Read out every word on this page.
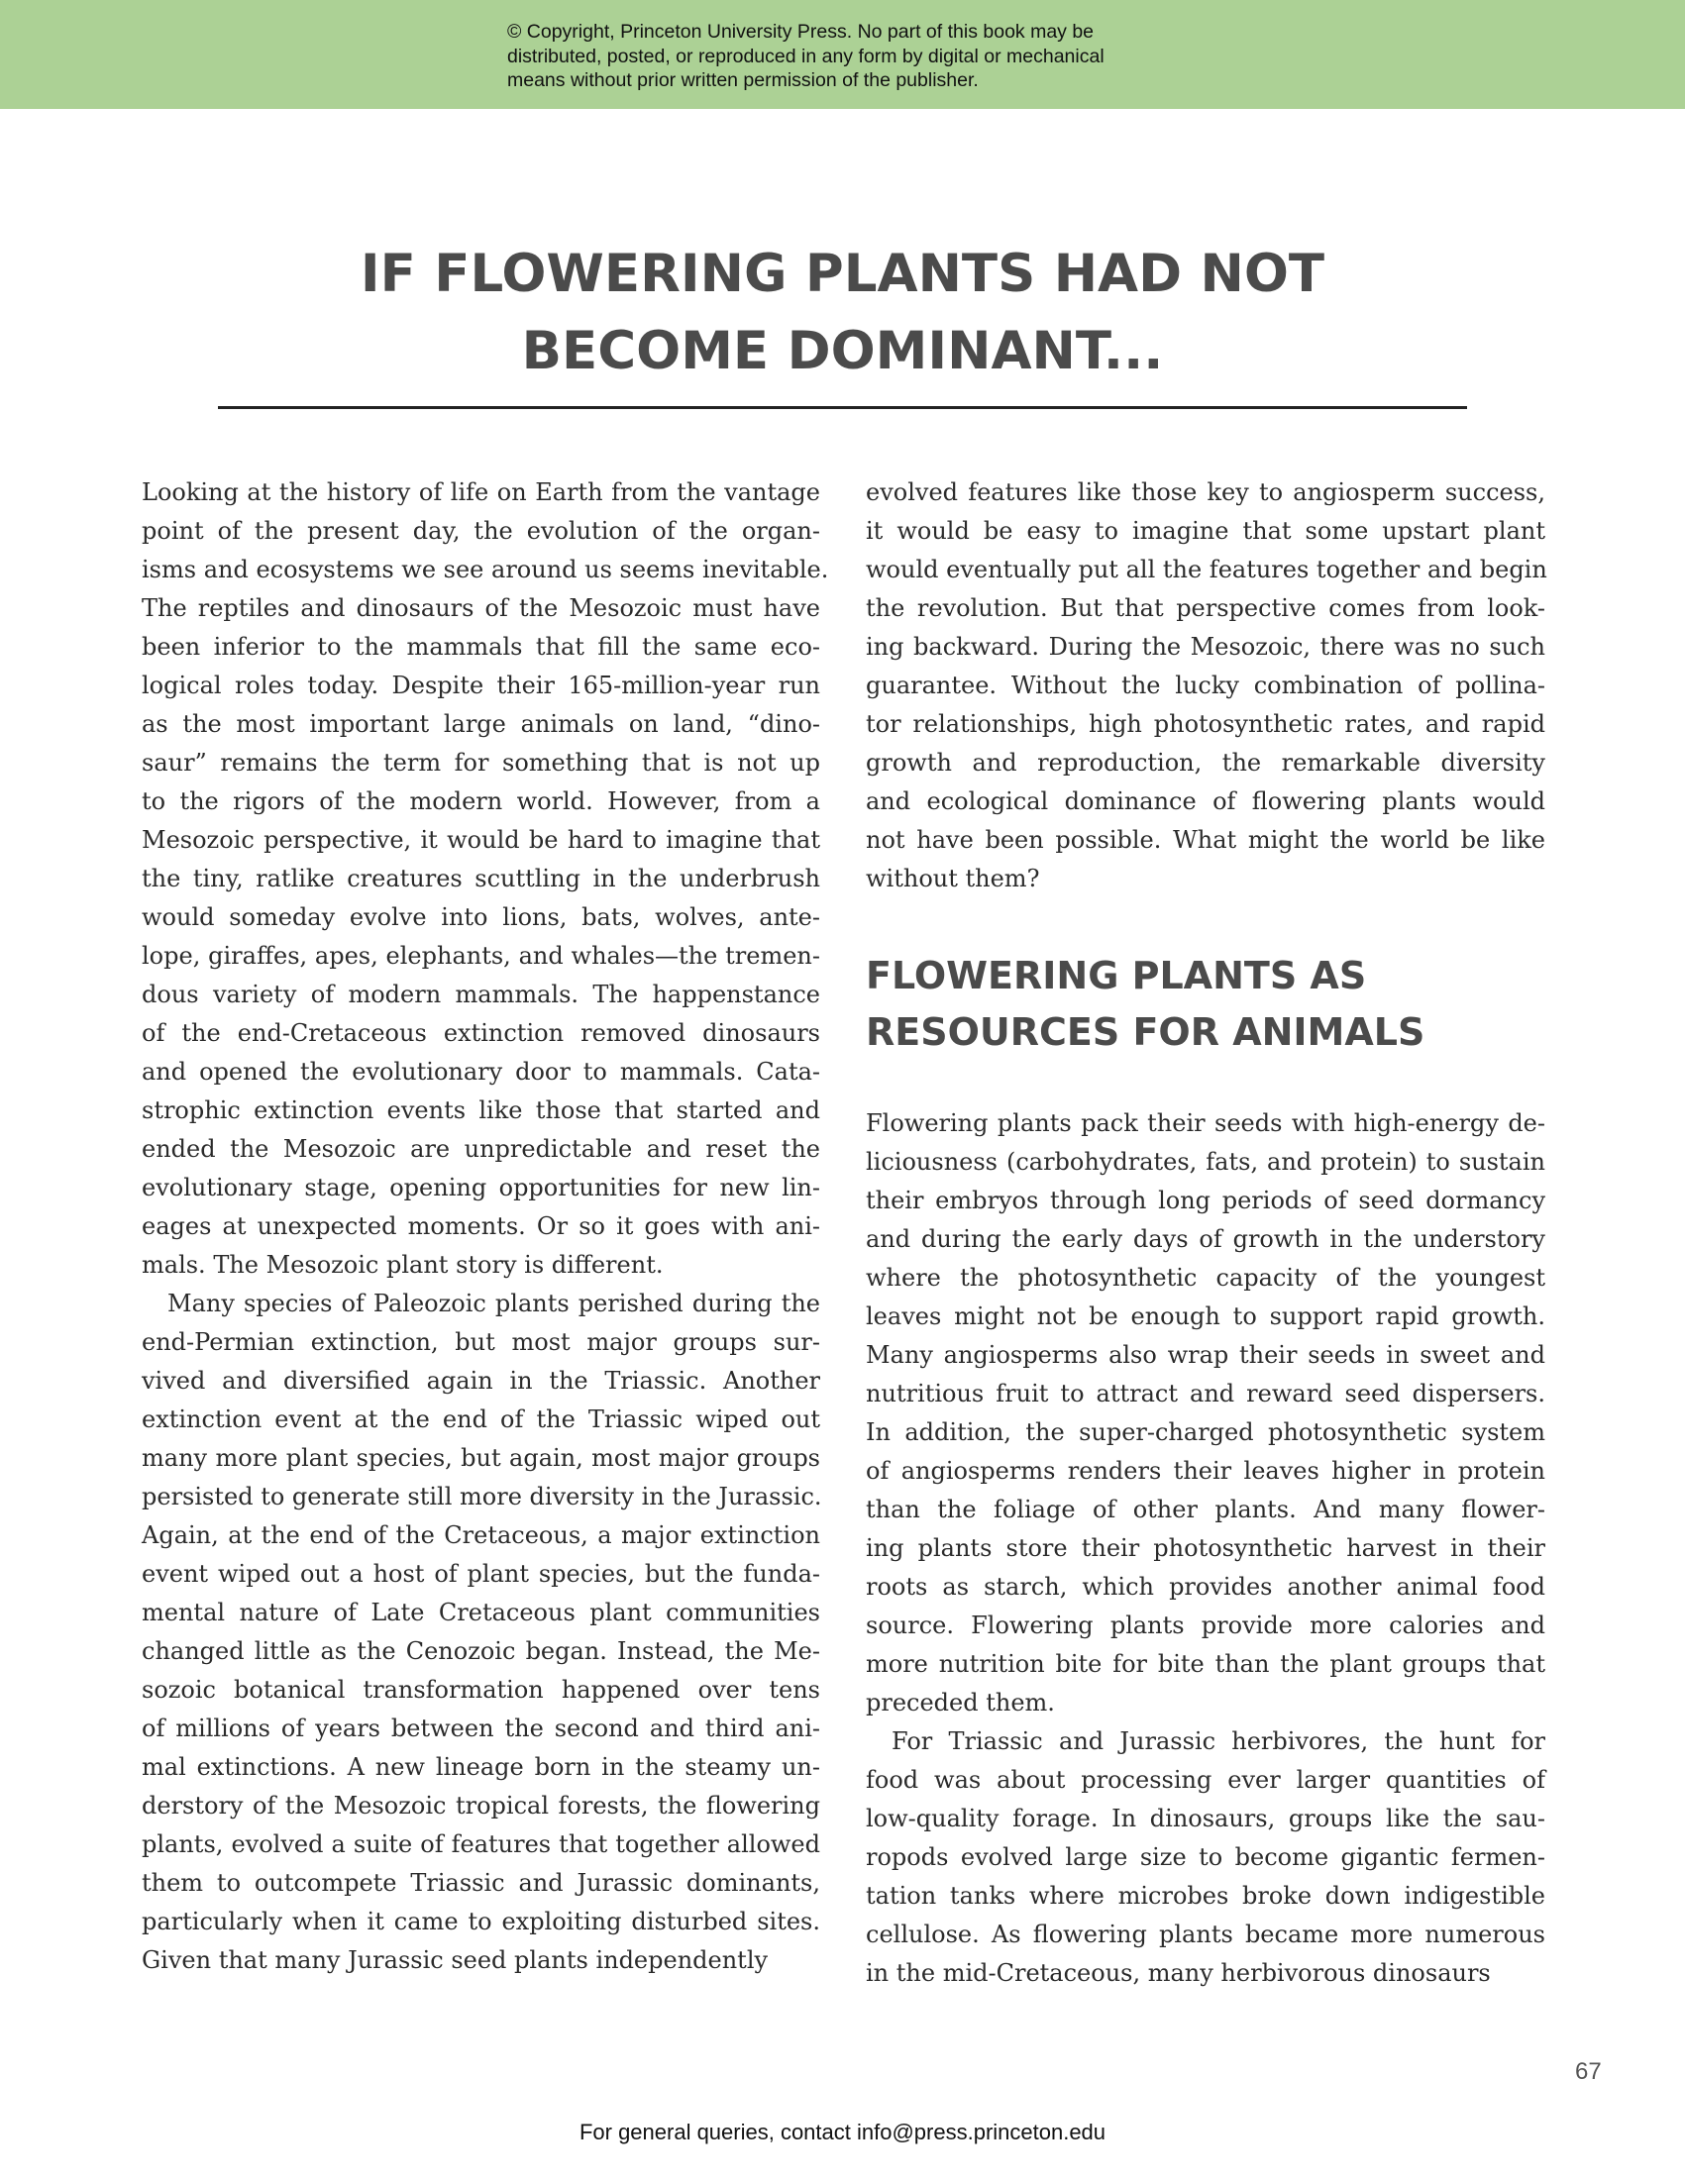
© Copyright, Princeton University Press. No part of this book may be
distributed, posted, or reproduced in any form by digital or mechanical
means without prior written permission of the publisher.
IF FLOWERING PLANTS HAD NOT
BECOME DOMINANT...

Looking at the history of life on Earth from the vantage
point of the present day, the evolution of the organ-
isms and ecosystems we see around us seems inevitable.
The reptiles and dinosaurs of the Mesozoic must have
been inferior to the mammals that fill the same eco-
logical roles today. Despite their 165-million-year run
as the most important large animals on land, “dino-
saur” remains the term for something that is not up
to the rigors of the modern world. However, from a
Mesozoic perspective, it would be hard to imagine that
the tiny, ratlike creatures scuttling in the underbrush
would someday evolve into lions, bats, wolves, ante-
lope, giraffes, apes, elephants, and whales—the tremen-
dous variety of modern mammals. The happenstance
of the end-Cretaceous extinction removed dinosaurs
and opened the evolutionary door to mammals. Cata-
strophic extinction events like those that started and
ended the Mesozoic are unpredictable and reset the
evolutionary stage, opening opportunities for new lin-
eages at unexpected moments. Or so it goes with ani-
mals. The Mesozoic plant story is different.

Many species of Paleozoic plants perished during the
end-Permian extinction, but most major groups sur-
vived and diversified again in the Triassic. Another
extinction event at the end of the Triassic wiped out
many more plant species, but again, most major groups
persisted to generate still more diversity in the Jurassic.
Again, at the end of the Cretaceous, a major extinction
event wiped out a host of plant species, but the funda-
mental nature of Late Cretaceous plant communities
changed little as the Cenozoic began. Instead, the Me-
sozoic botanical transformation happened over tens
of millions of years between the second and third ani-
mal extinctions. A new lineage born in the steamy un-
derstory of the Mesozoic tropical forests, the flowering
plants, evolved a suite of features that together allowed
them to outcompete Triassic and Jurassic dominants,
particularly when it came to exploiting disturbed sites.
Given that many Jurassic seed plants independently

evolved features like those key to angiosperm success,
it would be easy to imagine that some upstart plant
would eventually put all the features together and begin
the revolution. But that perspective comes from look-
ing backward. During the Mesozoic, there was no such
guarantee. Without the lucky combination of pollina-
tor relationships, high photosynthetic rates, and rapid
growth and reproduction, the remarkable diversity
and ecological dominance of flowering plants would
not have been possible. What might the world be like
without them?

FLOWERING PLANTS AS
RESOURCES FOR ANIMALS

Flowering plants pack their seeds with high-energy de-
liciousness (carbohydrates, fats, and protein) to sustain
their embryos through long periods of seed dormancy
and during the early days of growth in the understory
where the photosynthetic capacity of the youngest
leaves might not be enough to support rapid growth.
Many angiosperms also wrap their seeds in sweet and
nutritious fruit to attract and reward seed dispersers.
In addition, the super-charged photosynthetic system
of angiosperms renders their leaves higher in protein
than the foliage of other plants. And many flower-
ing plants store their photosynthetic harvest in their
roots as starch, which provides another animal food
source. Flowering plants provide more calories and
more nutrition bite for bite than the plant groups that
preceded them.

For Triassic and Jurassic herbivores, the hunt for
food was about processing ever larger quantities of
low-quality forage. In dinosaurs, groups like the sau-
ropods evolved large size to become gigantic fermen-
tation tanks where microbes broke down indigestible
cellulose. As flowering plants became more numerous
in the mid-Cretaceous, many herbivorous dinosaurs

67
For general queries, contact info@press.princeton.edu
